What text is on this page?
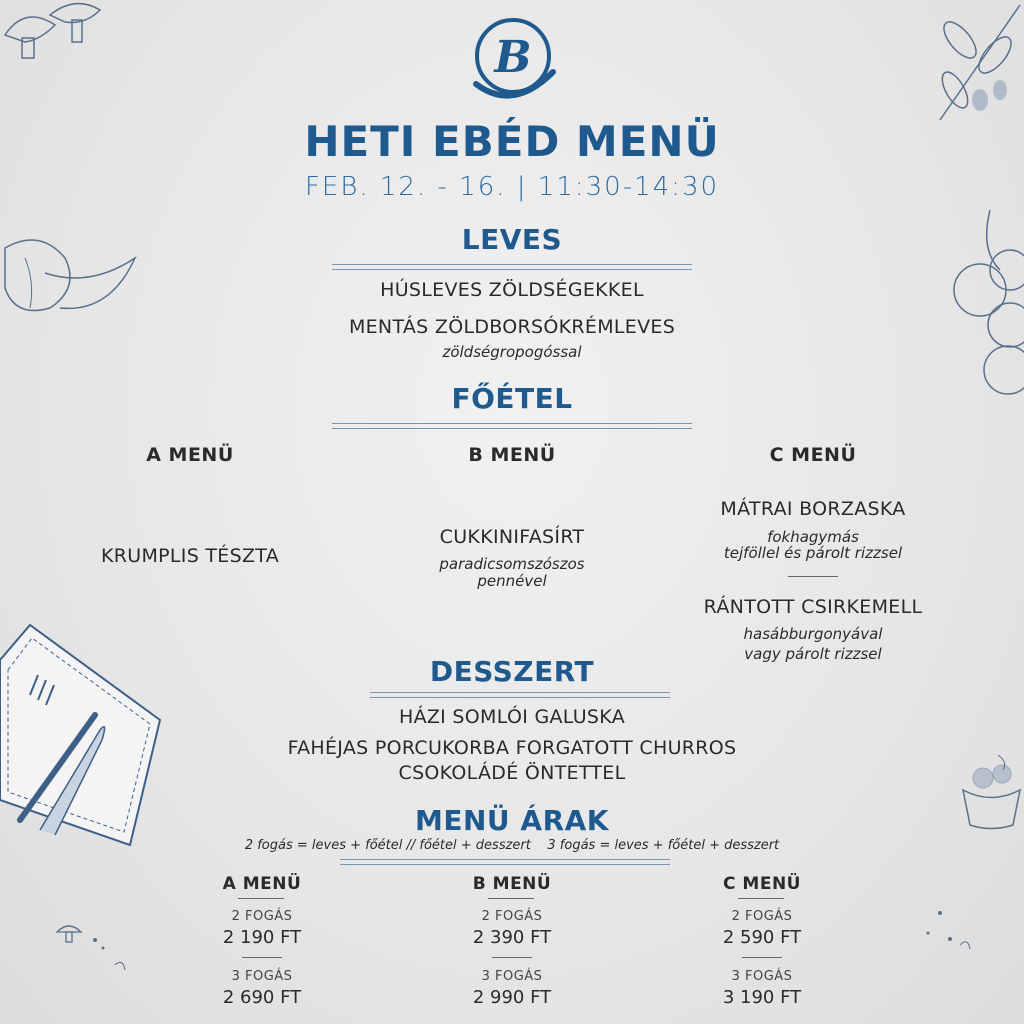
B
HETI EBÉD MENÜ
FEB. 12. - 16. | 11:30-14:30
LEVES
HÚSLEVES ZÖLDSÉGEKKEL
MENTÁS ZÖLDBORSÓKRÉMLEVES
zöldségropogóssal
FŐÉTEL
A MENÜ	B MENÜ	C MENÜ
KRUMPLIS TÉSZTA
CUKKINIFASÍRT
paradicsomszószos
pennével
MÁTRAI BORZASKA
fokhagymás
tejföllel és párolt rizzsel
RÁNTOTT CSIRKEMELL
hasábburgonyával
vagy párolt rizzsel
DESSZERT
HÁZI SOMLÓI GALUSKA
FAHÉJAS PORCUKORBA FORGATOTT CHURROS
CSOKOLÁDÉ ÖNTETTEL
MENÜ ÁRAK
2 fogás = leves + főétel // főétel + desszert    3 fogás = leves + főétel + desszert
A MENÜ
2 FOGÁS
2 190 FT
3 FOGÁS
2 690 FT
B MENÜ
2 FOGÁS
2 390 FT
3 FOGÁS
2 990 FT
C MENÜ
2 FOGÁS
2 590 FT
3 FOGÁS
3 190 FT
